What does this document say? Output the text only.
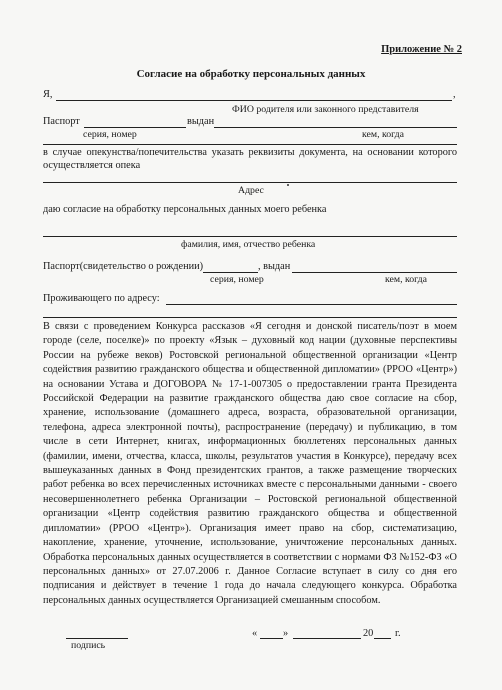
Приложение № 2
Согласие на обработку персональных данных
Я,	,
ФИО родителя или законного представителя
Паспорт	выдан
серия, номер	кем, когда
в случае опекунства/попечительства указать реквизиты документа, на основании которого осуществляется опека
Адрес
даю согласие на обработку персональных данных моего ребенка
фамилия, имя, отчество ребенка
Паспорт(свидетельство о рождении)	, выдан
серия, номер	кем, когда
Проживающего по адресу:
В связи с проведением Конкурса рассказов «Я сегодня и донской писатель/поэт в моем городе (селе, поселке)» по проекту «Язык – духовный код нации (духовные перспективы России на рубеже веков) Ростовской региональной общественной организации «Центр содействия развитию гражданского общества и общественной дипломатии» (РРОО «Центр») на основании Устава и ДОГОВОРА № 17-1-007305 о предоставлении гранта Президента Российской Федерации на развитие гражданского общества даю свое согласие на сбор, хранение, использование (домашнего адреса, возраста, образовательной организации, телефона, адреса электронной почты), распространение (передачу) и публикацию, в том числе в сети Интернет, книгах, информационных бюллетенях персональных данных (фамилии, имени, отчества, класса, школы, результатов участия в Конкурсе), передачу всех вышеуказанных данных в Фонд президентских грантов, а также размещение творческих работ ребенка во всех перечисленных источниках вместе с персональными данными - своего несовершеннолетнего ребенка Организации – Ростовской региональной общественной организации «Центр содействия развитию гражданского общества и общественной дипломатии» (РРОО «Центр»). Организация имеет право на сбор, систематизацию, накопление, хранение, уточнение, использование, уничтожение персональных данных. Обработка персональных данных осуществляется в соответствии с нормами ФЗ №152-ФЗ «О персональных данных» от 27.07.2006 г. Данное Согласие вступает в силу со дня его подписания и действует в течение 1 года до начала следующего конкурса. Обработка персональных данных осуществляется Организацией смешанным способом.
подпись
«	»	20 г.
